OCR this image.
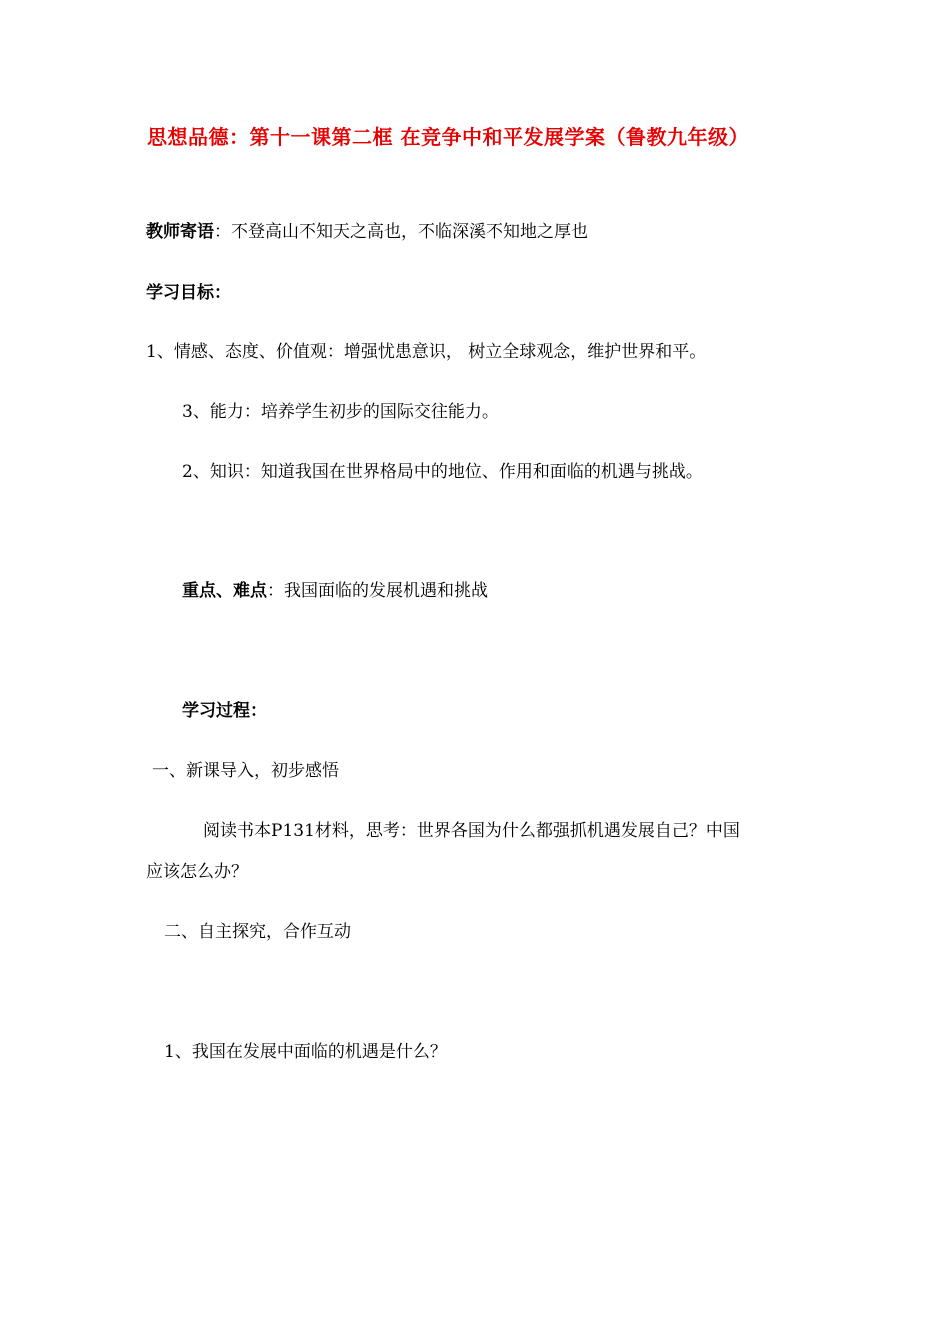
思想品德：第十一课第二框 在竞争中和平发展学案（鲁教九年级）
教师寄语：不登高山不知天之高也，不临深溪不知地之厚也
学习目标：
1、情感、态度、价值观：增强忧患意识， 树立全球观念，维护世界和平。
3、能力：培养学生初步的国际交往能力。
2、知识：知道我国在世界格局中的地位、作用和面临的机遇与挑战。
重点、难点：我国面临的发展机遇和挑战
学习过程：
一、新课导入，初步感悟
阅读书本P131材料，思考：世界各国为什么都强抓机遇发展自己？中国
应该怎么办？
二、自主探究，合作互动
1、我国在发展中面临的机遇是什么？
